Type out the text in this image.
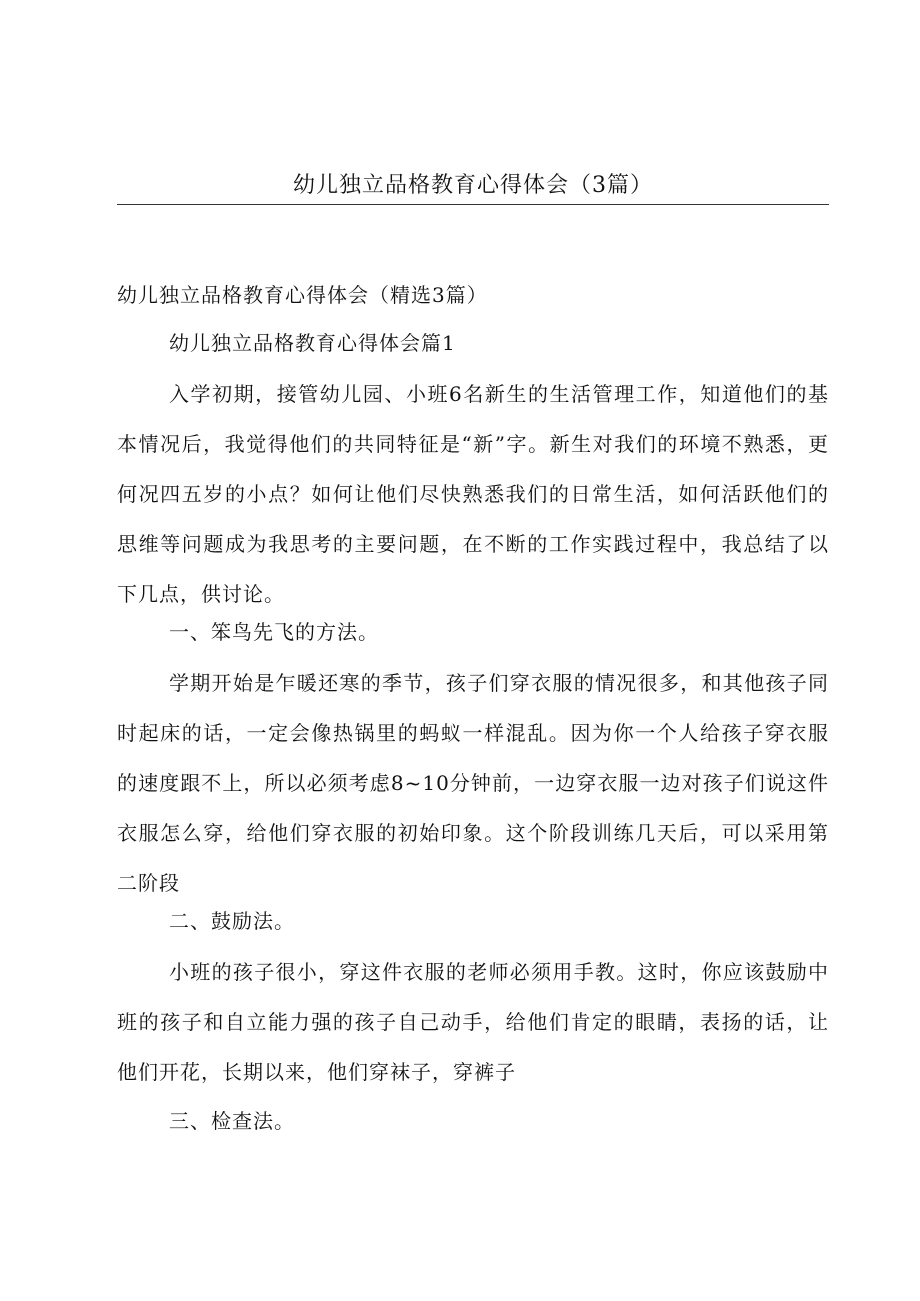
幼儿独立品格教育心得体会（3篇）

幼儿独立品格教育心得体会（精选3篇）

幼儿独立品格教育心得体会篇1

入学初期，接管幼儿园、小班6名新生的生活管理工作，知道他们的基本情况后，我觉得他们的共同特征是“新”字。新生对我们的环境不熟悉，更何况四五岁的小点？如何让他们尽快熟悉我们的日常生活，如何活跃他们的思维等问题成为我思考的主要问题，在不断的工作实践过程中，我总结了以下几点，供讨论。

一、笨鸟先飞的方法。

学期开始是乍暖还寒的季节，孩子们穿衣服的情况很多，和其他孩子同时起床的话，一定会像热锅里的蚂蚁一样混乱。因为你一个人给孩子穿衣服的速度跟不上，所以必须考虑8~10分钟前，一边穿衣服一边对孩子们说这件衣服怎么穿，给他们穿衣服的初始印象。这个阶段训练几天后，可以采用第二阶段

二、鼓励法。

小班的孩子很小，穿这件衣服的老师必须用手教。这时，你应该鼓励中班的孩子和自立能力强的孩子自己动手，给他们肯定的眼睛，表扬的话，让他们开花，长期以来，他们穿袜子，穿裤子

三、检查法。
